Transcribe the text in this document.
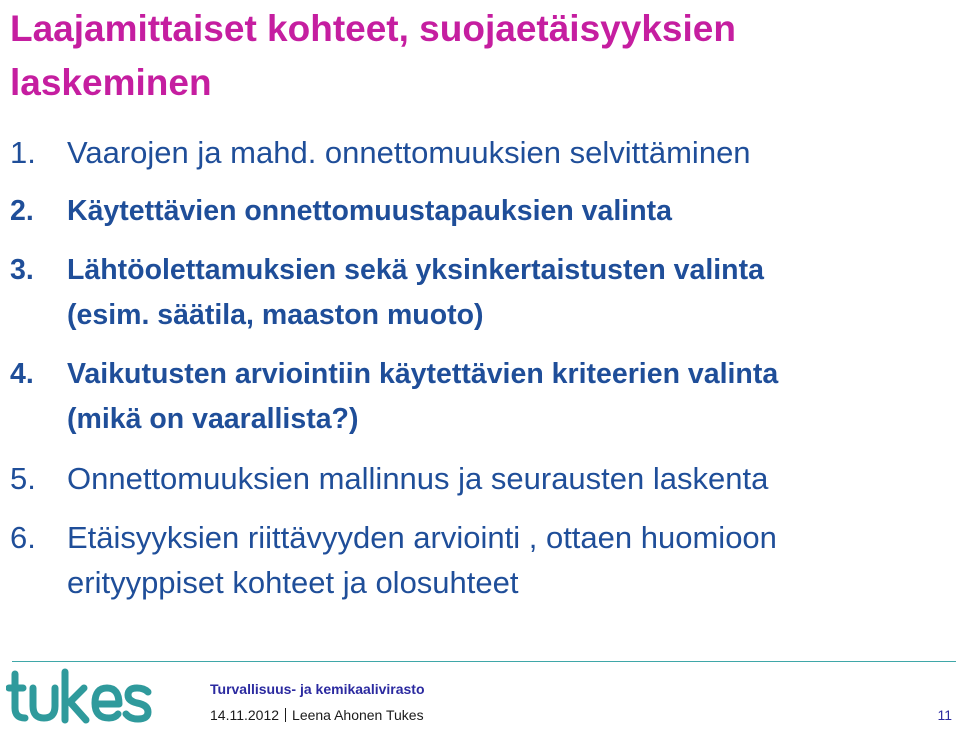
Laajamittaiset kohteet, suojaetäisyyksien
laskeminen
1. Vaarojen ja mahd. onnettomuuksien selvittäminen
2. Käytettävien onnettomuustapauksien valinta
3. Lähtöolettamuksien sekä yksinkertaistusten valinta
(esim. säätila, maaston muoto)
4. Vaikutusten arviointiin käytettävien kriteerien valinta
(mikä on vaarallista?)
5. Onnettomuuksien mallinnus ja seurausten laskenta
6. Etäisyyksien riittävyyden arviointi , ottaen huomioon
erityyppiset kohteet ja olosuhteet
Turvallisuus- ja kemikaalivirasto
14.11.2012 Leena Ahonen Tukes	11
